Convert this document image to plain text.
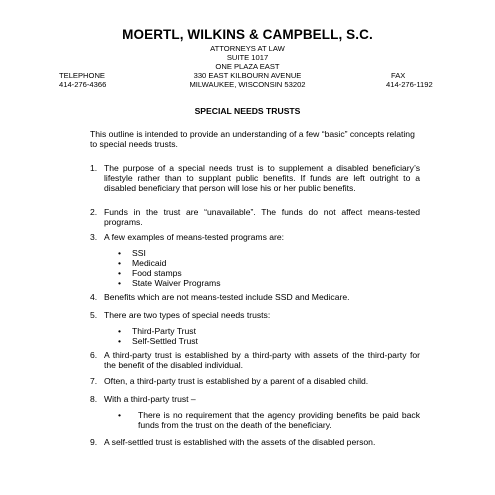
MOERTL, WILKINS & CAMPBELL, S.C.
ATTORNEYS AT LAW
SUITE 1017
ONE PLAZA EAST
330 EAST KILBOURN AVENUE
MILWAUKEE, WISCONSIN 53202
TELEPHONE
414-276-4366
FAX
414-276-1192
SPECIAL NEEDS TRUSTS
This outline is intended to provide an understanding of a few “basic” concepts relating to special needs trusts.
1. The purpose of a special needs trust is to supplement a disabled beneficiary’s lifestyle rather than to supplant public benefits. If funds are left outright to a disabled beneficiary that person will lose his or her public benefits.
2. Funds in the trust are “unavailable”. The funds do not affect means-tested programs.
3. A few examples of means-tested programs are:
• SSI
• Medicaid
• Food stamps
• State Waiver Programs
4. Benefits which are not means-tested include SSD and Medicare.
5. There are two types of special needs trusts:
• Third-Party Trust
• Self-Settled Trust
6. A third-party trust is established by a third-party with assets of the third-party for the benefit of the disabled individual.
7. Often, a third-party trust is established by a parent of a disabled child.
8. With a third-party trust –
• There is no requirement that the agency providing benefits be paid back funds from the trust on the death of the beneficiary.
9. A self-settled trust is established with the assets of the disabled person.
